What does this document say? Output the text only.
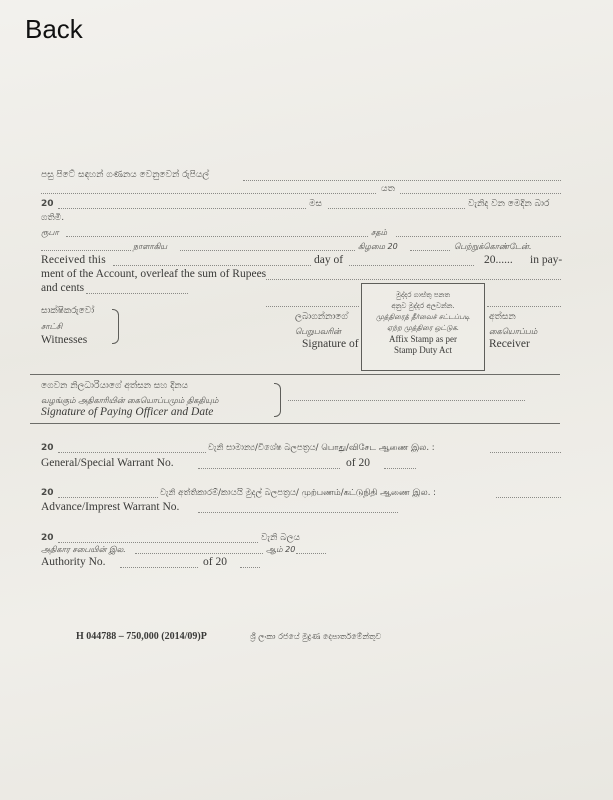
Back
පසු පිටේ සඳහන් ගණනය වෙනුවෙන් රුපියල්
යත
20	මස	වැනිද වන මෙදින බාර
ගතිමි.
ரூபா	சதம்
நாளாகிய	கிழமை 20	பெற்றுக்கொண்டேன்.
Received this	day of	20...... in pay-
ment of the Account, overleaf the sum of Rupees
and cents
සාක්ෂිකරුවෝ
சாட்சி
Witnesses
ලබාගන්නාගේ
பெறுபவரின்
Signature of
අත්සන
கையொப்பம்
Receiver
මුද්දර ගාස්තු පනත
අනුව මුද්දර අලවන්න.
முத்திரைத் தீர்வைச் சட்டப்படி
ஏற்ற முத்திரை ஒட்டுக.
Affix Stamp as per
Stamp Duty Act
ගෙවන නිලධාරියාගේ අත්සන සහ දිනය
வழங்கும் அதிகாரியின் கையொப்பமும் திகதியும்
Signature of Paying Officer and Date
20	වැනි සාමාන්‍ය/විශේෂ බලපත්‍රය/ பொது/விசேட ஆணை இல. :
General/Special Warrant No.	of 20
20	වැනි අත්තිකාරම්/කායයි මුදල් බලපත්‍රය/ முற்பணம்/கட்டுநிதி ஆணை இல. :
Advance/Imprest Warrant No.
20	වැනි බලය
அதிகார சபையின் இல.	ஆம் 20
Authority No.	of 20
H 044788 – 750,000 (2014/09)P	ශ්‍රී ලංකා රජයේ මුද්‍රණ දෙපාර්තමේන්තුව
